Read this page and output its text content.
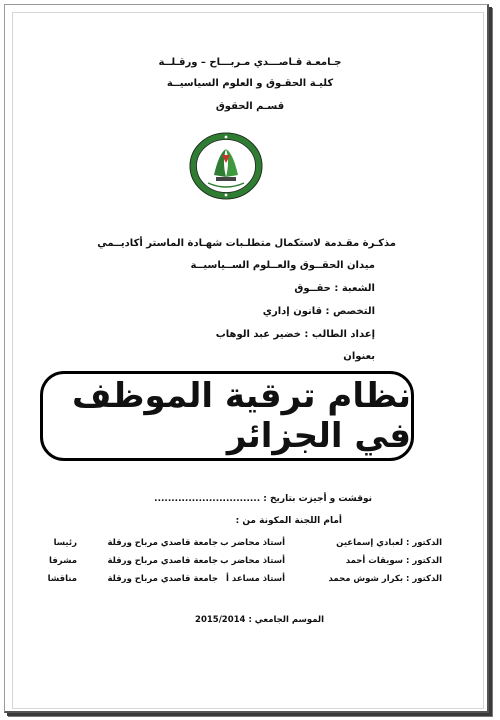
جـامعـة قـاصـــدي مـربـــاح – ورقـلــة
كليـة الحقـوق و العلوم السياسيــة
قسـم الحقوق
مذكـرة مقـدمة لاستكمال متطلـبات شهـادة الماستر أكاديــمي
ميدان الحقــوق والعــلوم الســياسيــة
الشعبة : حقــوق
التخصص : قانون إداري
إعداد الطالب : خضير عبد الوهاب
بعنوان
نظام ترقية الموظف في الجزائر
نوقشت و أجيزت بتاريخ : ...............................
أمام اللجنة المكونة من :
الدكتور : لعبادي إسماعين
أستاذ محاضر ب
جامعة قاصدي مرباح ورقلة
رئيسا
الدكتور : سويقات أحمد
أستاذ محاضر ب
جامعة قاصدي مرباح ورقلة
مشرفا
الدكتور : بكرار شوش محمد
أستاذ مساعد أ
جامعة قاصدي مرباح ورقلة
مناقشا
الموسم الجامعي : 2015/2014
